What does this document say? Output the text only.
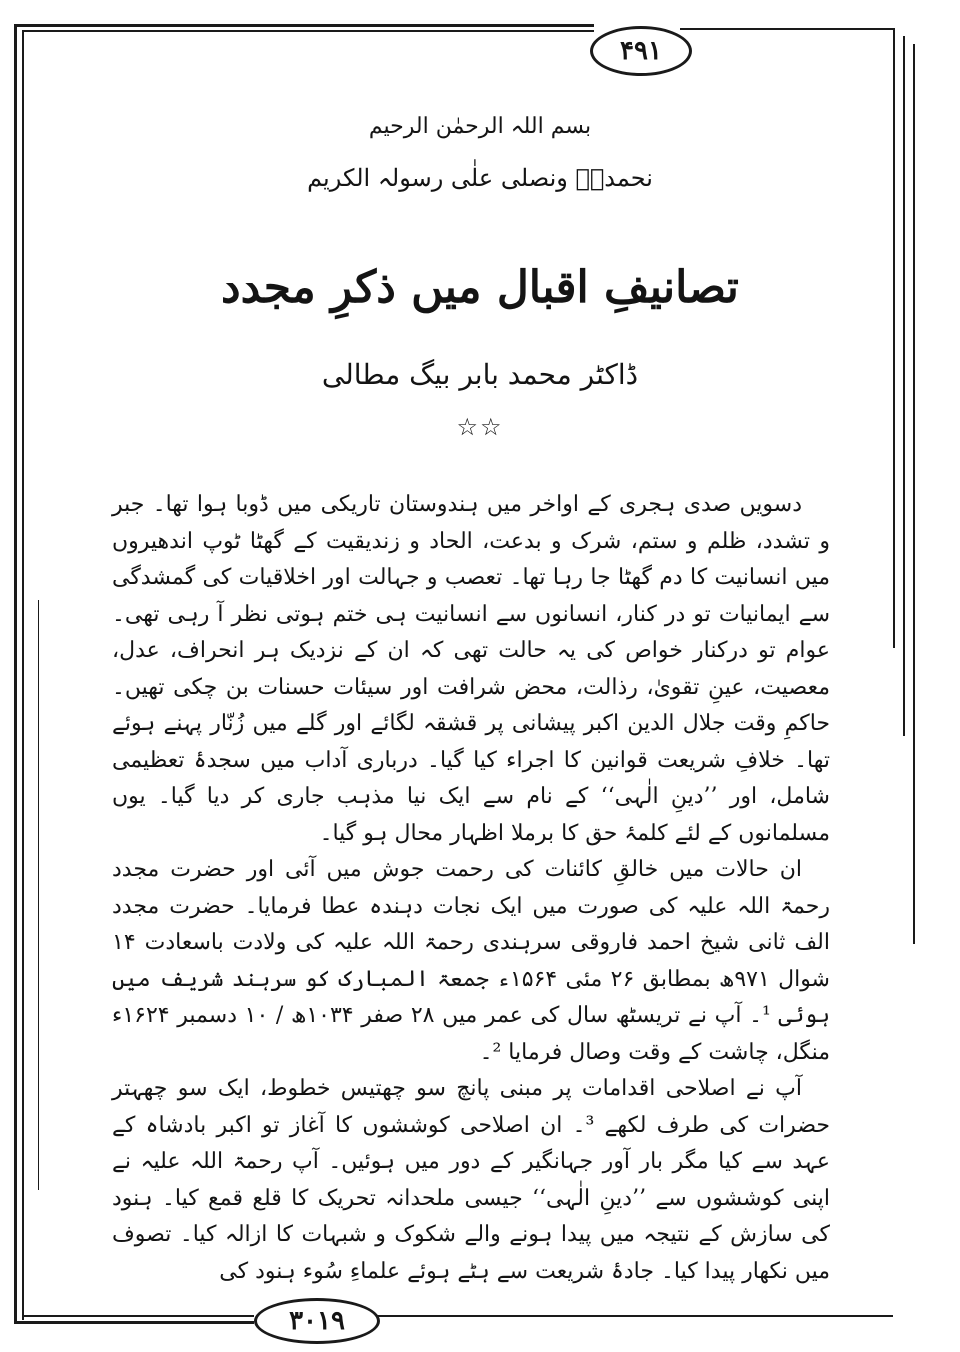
۴۹۱
بسم اللہ الرحمٰن الرحیم
نحمدہٗ ونصلی علٰی رسولہ الکریم
تصانیفِ اقبال میں ذکرِ مجدد
ڈاکٹر محمد بابر بیگ مطالی
☆☆

دسویں صدی ہجری کے اواخر میں ہندوستان تاریکی میں ڈوبا ہوا تھا۔ جبر و تشدد، ظلم و ستم، شرک و بدعت، الحاد و زندیقیت کے گھٹا ٹوپ اندھیروں میں انسانیت کا دم گھٹا جا رہا تھا۔ تعصب و جہالت اور اخلاقیات کی گمشدگی سے ایمانیات تو در کنار، انسانوں سے انسانیت ہی ختم ہوتی نظر آ رہی تھی۔ عوام تو درکنار خواص کی یہ حالت تھی کہ ان کے نزدیک ہر انحراف، عدل، معصیت، عینِ تقویٰ، رذالت، محض شرافت اور سیئات حسنات بن چکی تھیں۔ حاکمِ وقت جلال الدین اکبر پیشانی پر قشقہ لگائے اور گلے میں زُنّار پہنے ہوئے تھا۔ خلافِ شریعت قوانین کا اجراء کیا گیا۔ درباری آداب میں سجدۂ تعظیمی شامل، اور ’’دینِ الٰہی‘‘ کے نام سے ایک نیا مذہب جاری کر دیا گیا۔ یوں مسلمانوں کے لئے کلمۂ حق کا برملا اظہار محال ہو گیا۔

ان حالات میں خالقِ کائنات کی رحمت جوش میں آئی اور حضرت مجدد رحمۃ اللہ علیہ کی صورت میں ایک نجات دہندہ عطا فرمایا۔ حضرت مجدد الف ثانی شیخ احمد فاروقی سرہندی رحمۃ اللہ علیہ کی ولادت باسعادت ۱۴ شوال ۹۷۱ھ بمطابق ۲۶ مئی ۱۵۶۴ء جمعۃ المبارک کو سرہند شریف میں ہوئی ¹۔ آپ نے تریسٹھ سال کی عمر میں ۲۸ صفر ۱۰۳۴ھ / ۱۰ دسمبر ۱۶۲۴ء منگل، چاشت کے وقت وصال فرمایا ²۔

آپ نے اصلاحی اقدامات پر مبنی پانچ سو چھتیس خطوط، ایک سو چھہتر حضرات کی طرف لکھے ³۔ ان اصلاحی کوششوں کا آغاز تو اکبر بادشاہ کے عہد سے کیا مگر بار آور جہانگیر کے دور میں ہوئیں۔ آپ رحمۃ اللہ علیہ نے اپنی کوششوں سے ’’دینِ الٰہی‘‘ جیسی ملحدانہ تحریک کا قلع قمع کیا۔ ہنود کی سازش کے نتیجہ میں پیدا ہونے والے شکوک و شبہات کا ازالہ کیا۔ تصوف میں نکھار پیدا کیا۔ جادۂ شریعت سے ہٹے ہوئے علماءِ سُوء ہنود کی

۳۰۱۹
